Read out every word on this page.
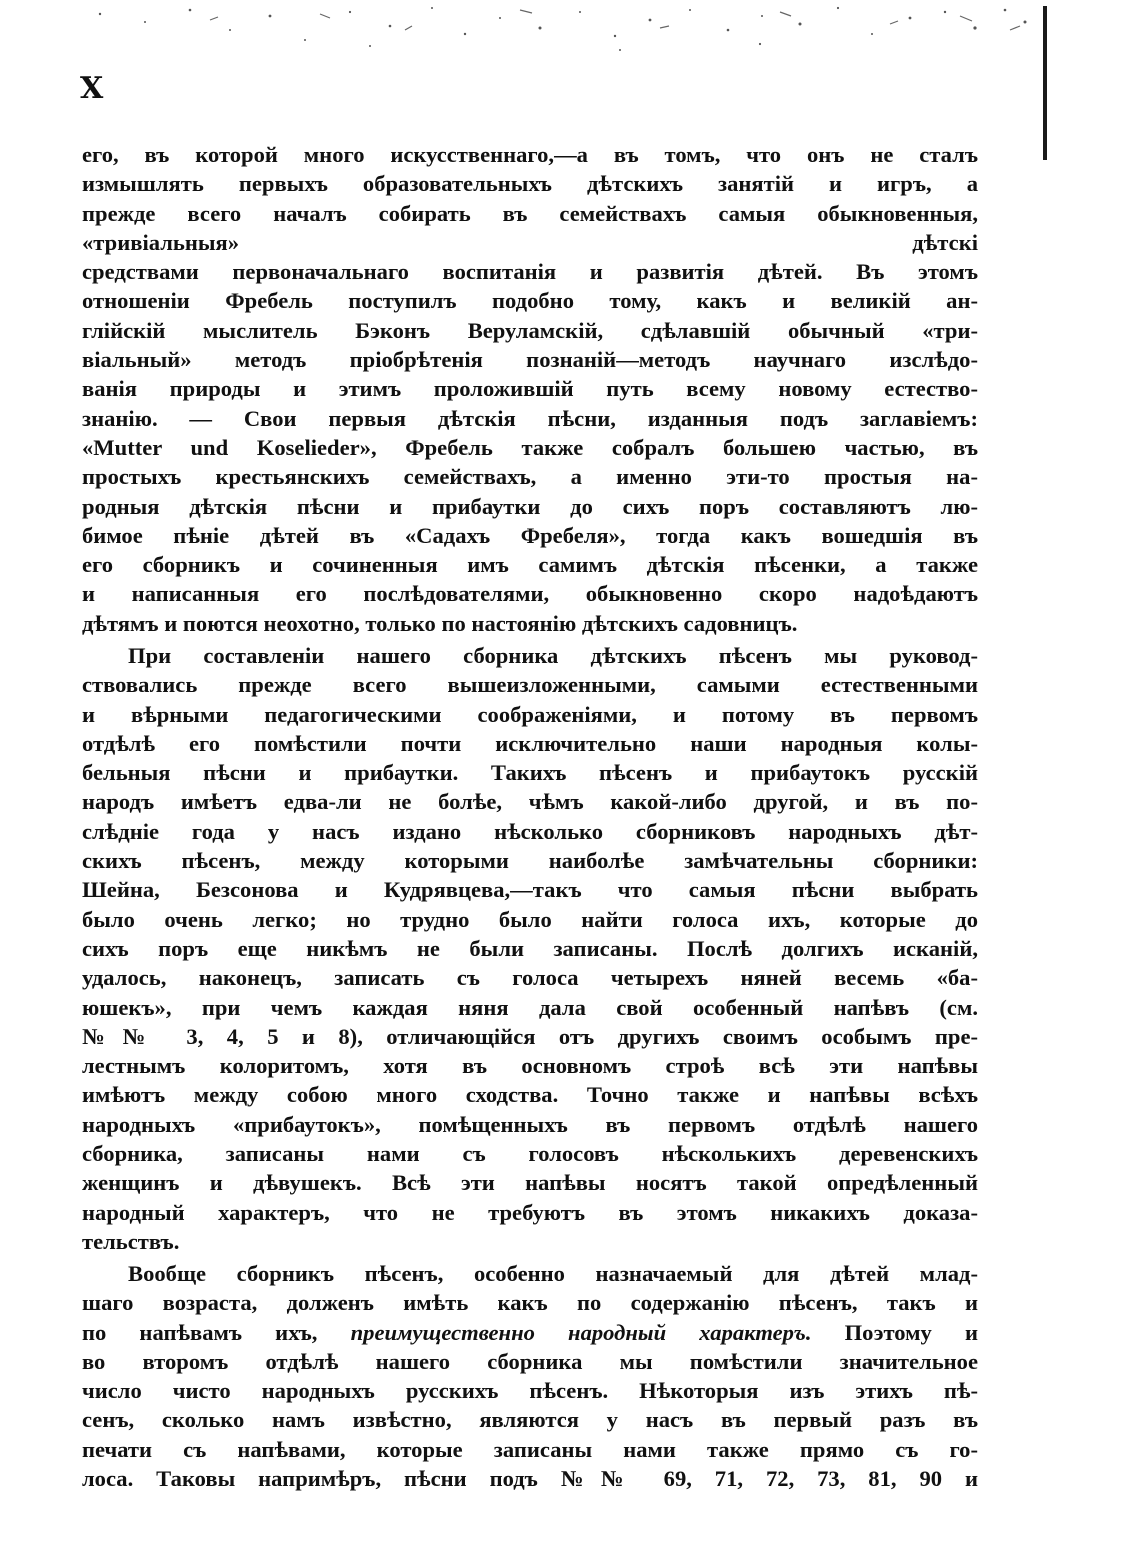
X
его, въ которой много искусственнаго,—а въ томъ, что онъ не сталъ
измышлять первыхъ образовательныхъ дѣтскихъ занятій и игръ, а
прежде всего началъ собирать въ семействахъ самыя обыкновенныя,
«тривіальныя» дѣтскі
средствами первоначальнаго воспитанія и развитія дѣтей. Въ этомъ
отношеніи Фребель поступилъ подобно тому, какъ и великій ан-
глійскій мыслитель Бэконъ Веруламскій, сдѣлавшій обычный «три-
віальный» методъ пріобрѣтенія познаній—методъ научнаго изслѣдо-
ванія природы и этимъ проложившій путь всему новому естество-
знанію. — Свои первыя дѣтскія пѣсни, изданныя подъ заглавіемъ:
«Mutter und Koselieder», Фребель также собралъ большею частью, въ
простыхъ крестьянскихъ семействахъ, а именно эти-то простыя на-
родныя дѣтскія пѣсни и прибаутки до сихъ поръ составляютъ лю-
бимое пѣніе дѣтей въ «Садахъ Фребеля», тогда какъ вошедшія въ
его сборникъ и сочиненныя имъ самимъ дѣтскія пѣсенки, а также
и написанныя его послѣдователями, обыкновенно скоро надоѣдаютъ
дѣтямъ и поются неохотно, только по настоянію дѣтскихъ садовницъ.
При составленіи нашего сборника дѣтскихъ пѣсенъ мы руковод-
ствовались прежде всего вышеизложенными, самыми естественными
и вѣрными педагогическими соображеніями, и потому въ первомъ
отдѣлѣ его помѣстили почти исключительно наши народныя колы-
бельныя пѣсни и прибаутки. Такихъ пѣсенъ и прибаутокъ русскій
народъ имѣетъ едва-ли не болѣе, чѣмъ какой-либо другой, и въ по-
слѣдніе года у насъ издано нѣсколько сборниковъ народныхъ дѣт-
скихъ пѣсенъ, между которыми наиболѣе замѣчательны сборники:
Шейна, Безсонова и Кудрявцева,—такъ что самыя пѣсни выбрать
было очень легко; но трудно было найти голоса ихъ, которые до
сихъ поръ еще никѣмъ не были записаны. Послѣ долгихъ исканій,
удалось, наконецъ, записать съ голоса четырехъ няней весемь «ба-
юшекъ», при чемъ каждая няня дала свой особенный напѣвъ (см.
№№ 3, 4, 5 и 8), отличающійся отъ другихъ своимъ особымъ пре-
лестнымъ колоритомъ, хотя въ основномъ строѣ всѣ эти напѣвы
имѣютъ между собою много сходства. Точно также и напѣвы всѣхъ
народныхъ «прибаутокъ», помѣщенныхъ въ первомъ отдѣлѣ нашего
сборника, записаны нами съ голосовъ нѣсколькихъ деревенскихъ
женщинъ и дѣвушекъ. Всѣ эти напѣвы носятъ такой опредѣленный
народный характеръ, что не требуютъ въ этомъ никакихъ доказа-
тельствъ.
Вообще сборникъ пѣсенъ, особенно назначаемый для дѣтей млад-
шаго возраста, долженъ имѣть какъ по содержанію пѣсенъ, такъ и
по напѣвамъ ихъ, преимущественно народный характеръ. Поэтому и
во второмъ отдѣлѣ нашего сборника мы помѣстили значительное
число чисто народныхъ русскихъ пѣсенъ. Нѣкоторыя изъ этихъ пѣ-
сенъ, сколько намъ извѣстно, являются у насъ въ первый разъ въ
печати съ напѣвами, которые записаны нами также прямо съ го-
лоса. Таковы напримѣръ, пѣсни подъ №№ 69, 71, 72, 73, 81, 90 и
